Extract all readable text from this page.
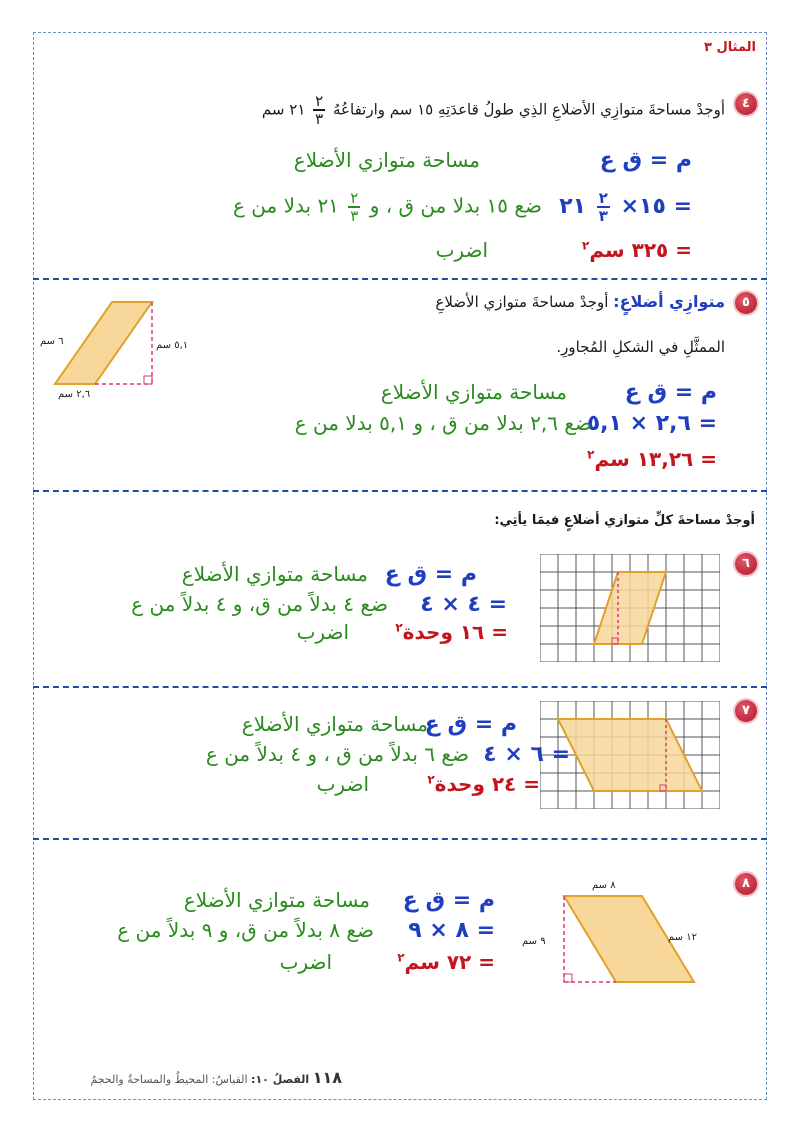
المثال ٣
٤
أوجدْ مساحةَ متوازِي الأضلاعِ الذِي طولُ قاعدَتِهِ ١٥ سم وارتفاعُهُ
$\frac{٢}{٣}$
٢١ سم
م = ق ع
مساحة متوازي الأضلاع
= ١٥×
$\frac{٢}{٣}$
٢١
ضع ١٥ بدلا من ق ، و
$\frac{٢}{٣}$
٢١ بدلا من ع
= ٣٢٥ سم$^٢$
اضرب
٥
متوازِي أضلاعٍ: أوجدْ مساحةَ متوازي الأضلاعِ
الممثَّلِ في الشكلِ المُجاورِ.
٦ سم	٥,١ سم
٢,٦ سم	م = ق ع
مساحة متوازي الأضلاع
= ٢,٦ × ٥,١
ضع ٢,٦ بدلا من ق ، و ٥,١ بدلا من ع
= ١٣,٢٦ سم$^٢$
أوجدْ مساحةَ كلِّ متوازي أضلاعٍ فيمَا يأتِي:
٦
م = ق ع
مساحة متوازي الأضلاع
= ٤ × ٤
ضع ٤ بدلاً من ق، و ٤ بدلاً من ع
= ١٦ وحدة$^٢$
اضرب
٧
م = ق ع
مساحة متوازي الأضلاع
= ٦ × ٤
ضع ٦ بدلاً من ق ، و ٤ بدلاً من ع
= ٢٤ وحدة$^٢$
اضرب
٨
٨ سم
٩ سم	١٢ سم
م = ق ع
مساحة متوازي الأضلاع
= ٨ × ٩
ضع ٨ بدلاً من ق، و ٩ بدلاً من ع
= ٧٢ سم$^٢$
اضرب
١١٨ الفصلُ ١٠: القياسُ: المحيطُ والمساحةُ والحجمُ
